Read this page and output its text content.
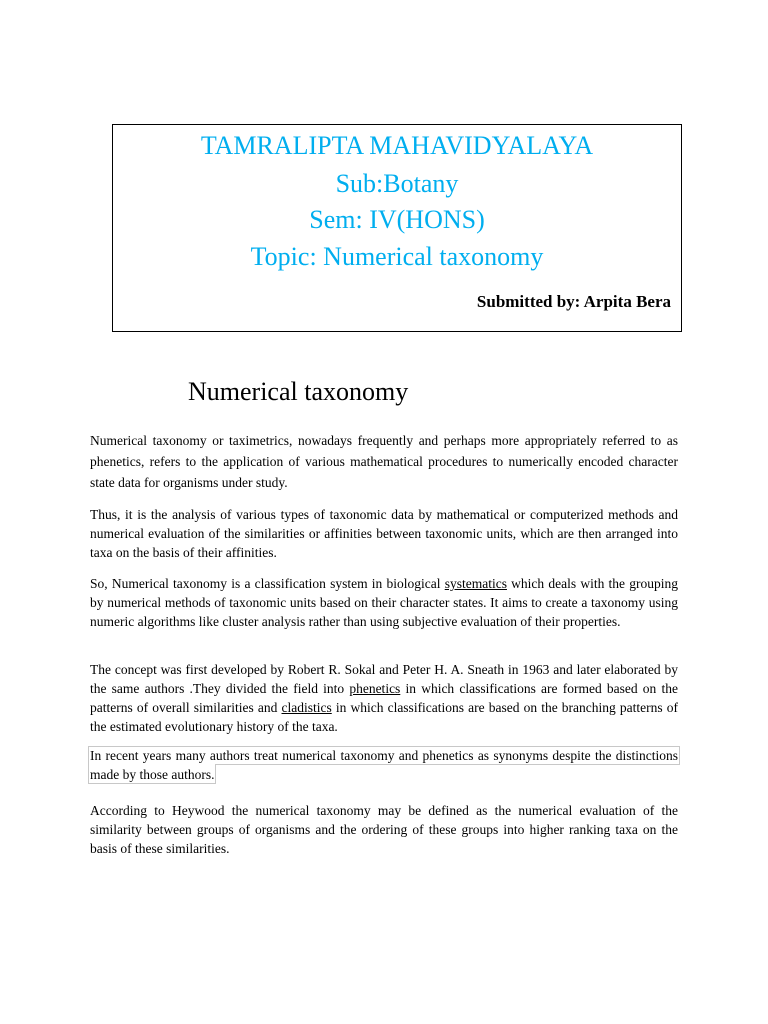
TAMRALIPTA MAHAVIDYALAYA
Sub:Botany
Sem: IV(HONS)
Topic: Numerical taxonomy
Submitted by: Arpita Bera
Numerical taxonomy

Numerical taxonomy or taximetrics, nowadays frequently and perhaps more appropriately referred to as phenetics, refers to the application of various mathematical procedures to numerically encoded character state data for organisms under study.

Thus, it is the analysis of various types of taxonomic data by mathematical or computerized methods and numerical evaluation of the similarities or affinities between taxonomic units, which are then arranged into taxa on the basis of their affinities.

So, Numerical taxonomy is a classification system in biological systematics which deals with the grouping by numerical methods of taxonomic units based on their character states. It aims to create a taxonomy using numeric algorithms like cluster analysis rather than using subjective evaluation of their properties.

The concept was first developed by Robert R. Sokal and Peter H. A. Sneath in 1963 and later elaborated by the same authors .They divided the field into phenetics in which classifications are formed based on the patterns of overall similarities and cladistics in which classifications are based on the branching patterns of the estimated evolutionary history of the taxa.

In recent years many authors treat numerical taxonomy and phenetics as synonyms despite the distinctions made by those authors.

According to Heywood the numerical taxonomy may be defined as the numerical evaluation of the similarity between groups of organisms and the ordering of these groups into higher ranking taxa on the basis of these similarities.
